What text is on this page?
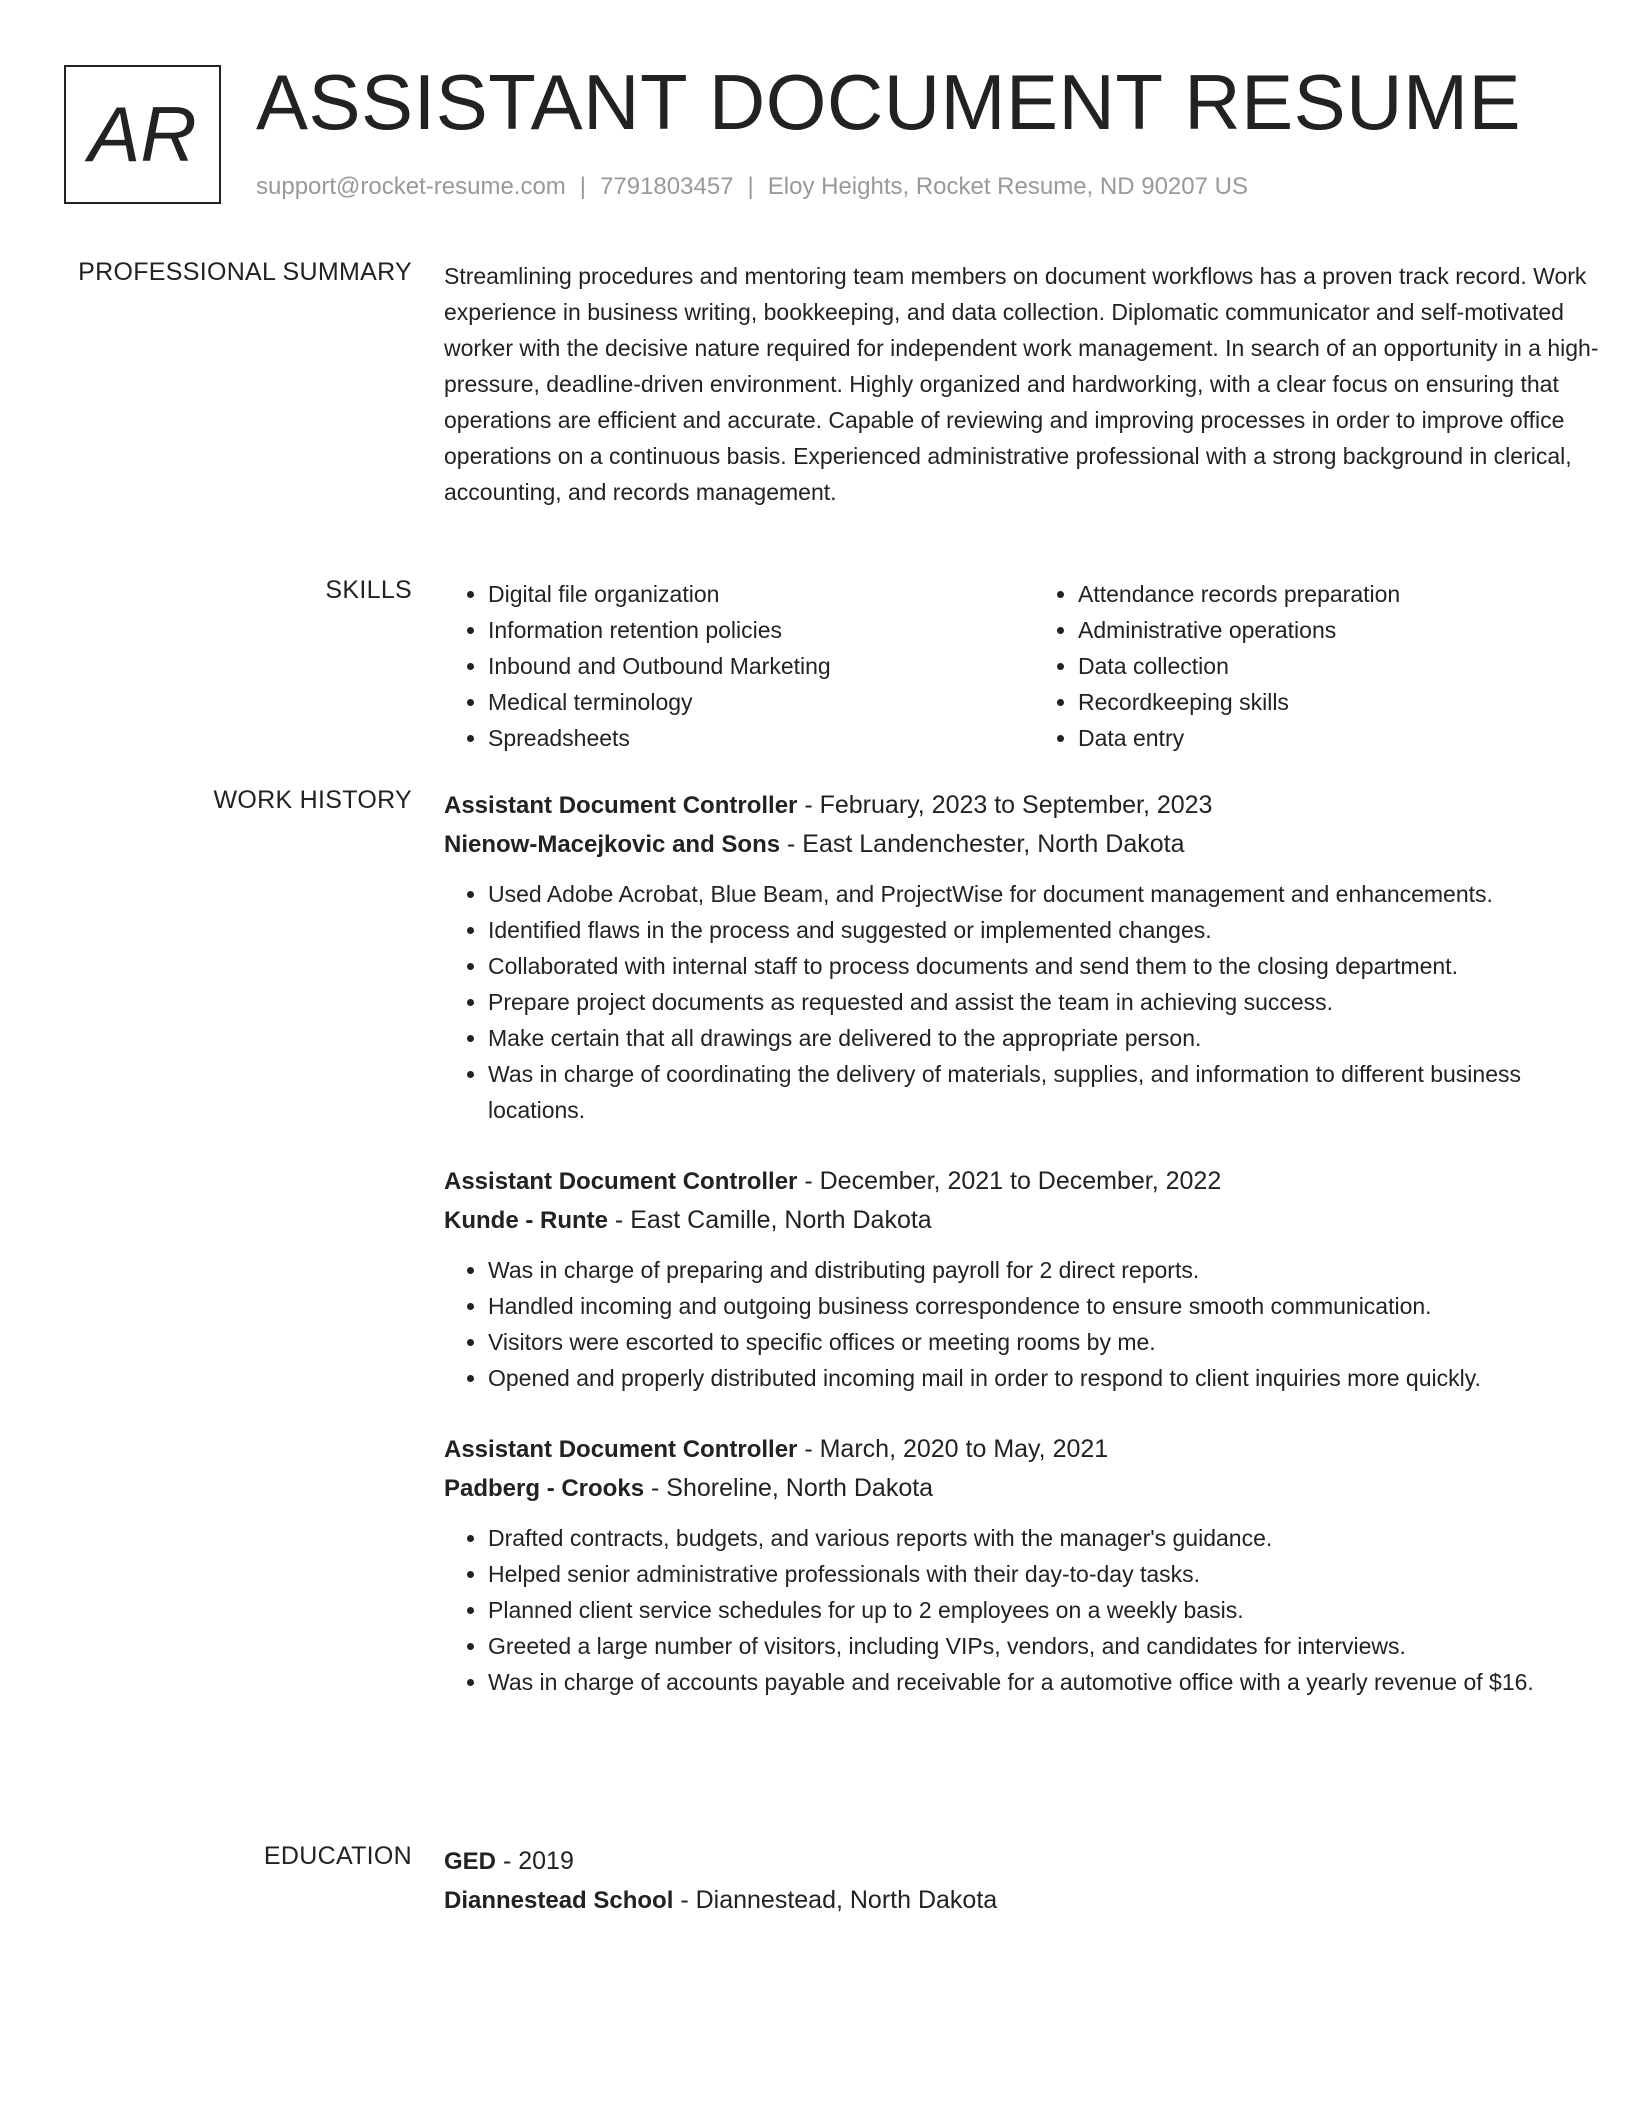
AR ASSISTANT DOCUMENT RESUME
support@rocket-resume.com | 7791803457 | Eloy Heights, Rocket Resume, ND 90207 US
PROFESSIONAL SUMMARY Streamlining procedures and mentoring team members on document workflows has a proven track record. Work experience in business writing, bookkeeping, and data collection. Diplomatic communicator and self-motivated worker with the decisive nature required for independent work management. In search of an opportunity in a high-pressure, deadline-driven environment. Highly organized and hardworking, with a clear focus on ensuring that operations are efficient and accurate. Capable of reviewing and improving processes in order to improve office operations on a continuous basis. Experienced administrative professional with a strong background in clerical, accounting, and records management.

SKILLS
•	Digital file organization
• Information retention policies
• Inbound and Outbound Marketing
• Medical terminology
• Spreadsheets
• Attendance records preparation
• Administrative operations
• Data collection
• Recordkeeping skills
• Data entry
WORK HISTORY Assistant Document Controller - February, 2023 to September, 2023
Nienow-Macejkovic and Sons - East Landenchester, North Dakota
• Used Adobe Acrobat, Blue Beam, and ProjectWise for document management and enhancements.
• Identified flaws in the process and suggested or implemented changes.
• Collaborated with internal staff to process documents and send them to the closing department.
• Prepare project documents as requested and assist the team in achieving success.
• Make certain that all drawings are delivered to the appropriate person.
• Was in charge of coordinating the delivery of materials, supplies, and information to different business locations.
Assistant Document Controller - December, 2021 to December, 2022
Kunde - Runte - East Camille, North Dakota
• Was in charge of preparing and distributing payroll for 2 direct reports.
• Handled incoming and outgoing business correspondence to ensure smooth communication.
• Visitors were escorted to specific offices or meeting rooms by me.
• Opened and properly distributed incoming mail in order to respond to client inquiries more quickly.
Assistant Document Controller - March, 2020 to May, 2021
Padberg - Crooks - Shoreline, North Dakota
• Drafted contracts, budgets, and various reports with the manager's guidance.
• Helped senior administrative professionals with their day-to-day tasks.
• Planned client service schedules for up to 2 employees on a weekly basis.
• Greeted a large number of visitors, including VIPs, vendors, and candidates for interviews.
• Was in charge of accounts payable and receivable for a automotive office with a yearly revenue of $16.
EDUCATION GED - 2019
Diannestead School - Diannestead, North Dakota
